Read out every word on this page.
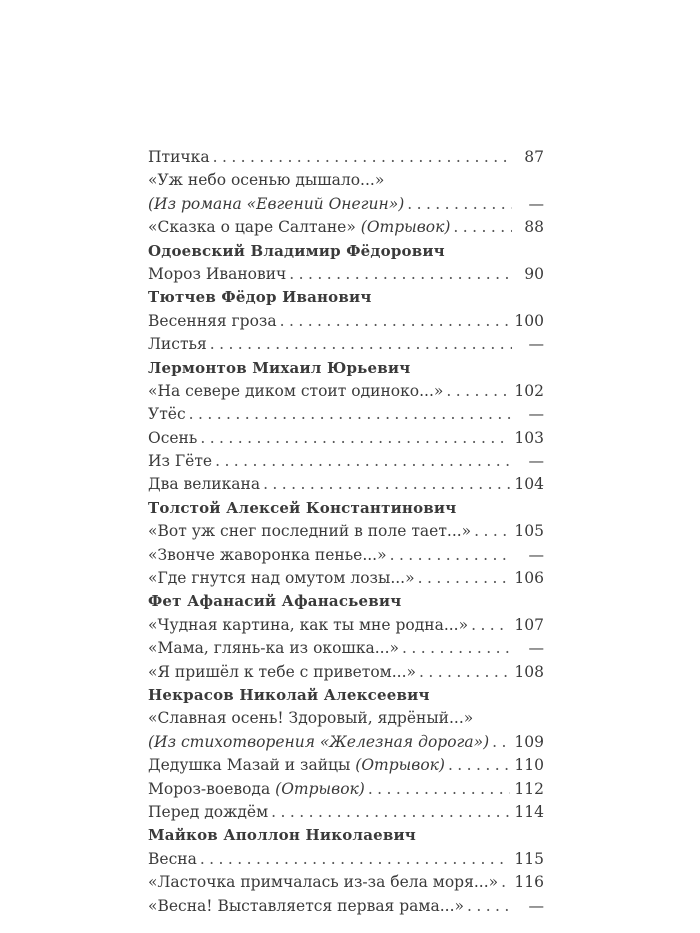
Птичка . . .	87
«Уж небо осенью дышало...»
(Из романа «Евгений Онегин») . . .	—
«Сказка о царе Салтане» (Отрывок) . . .	88
Одоевский Владимир Фёдорович
Мороз Иванович . . .	90
Тютчев Фёдор Иванович
Весенняя гроза . . .	100
Листья . . .	—
Лермонтов Михаил Юрьевич
«На севере диком стоит одиноко...» . . .	102
Утёс . . .	—
Осень . . .	103
Из Гёте . . .	—
Два великана . . .	104
Толстой Алексей Константинович
«Вот уж снег последний в поле тает...» . . .	105
«Звонче жаворонка пенье...» . . .	—
«Где гнутся над омутом лозы...» . . .	106
Фет Афанасий Афанасьевич
«Чудная картина, как ты мне родна...» . . .	107
«Мама, глянь-ка из окошка...» . . .	—
«Я пришёл к тебе с приветом...» . . .	108
Некрасов Николай Алексеевич
«Славная осень! Здоровый, ядрёный...»
(Из стихотворения «Железная дорога») . . . 109
Дедушка Мазай и зайцы (Отрывок) . . .	110
Мороз-воевода (Отрывок) . . .	112
Перед дождём . . .	114
Майков Аполлон Николаевич
Весна . . .	115
«Ласточка примчалась из-за бела моря...» . . . 116
«Весна! Выставляется первая рама...» . . .	—
